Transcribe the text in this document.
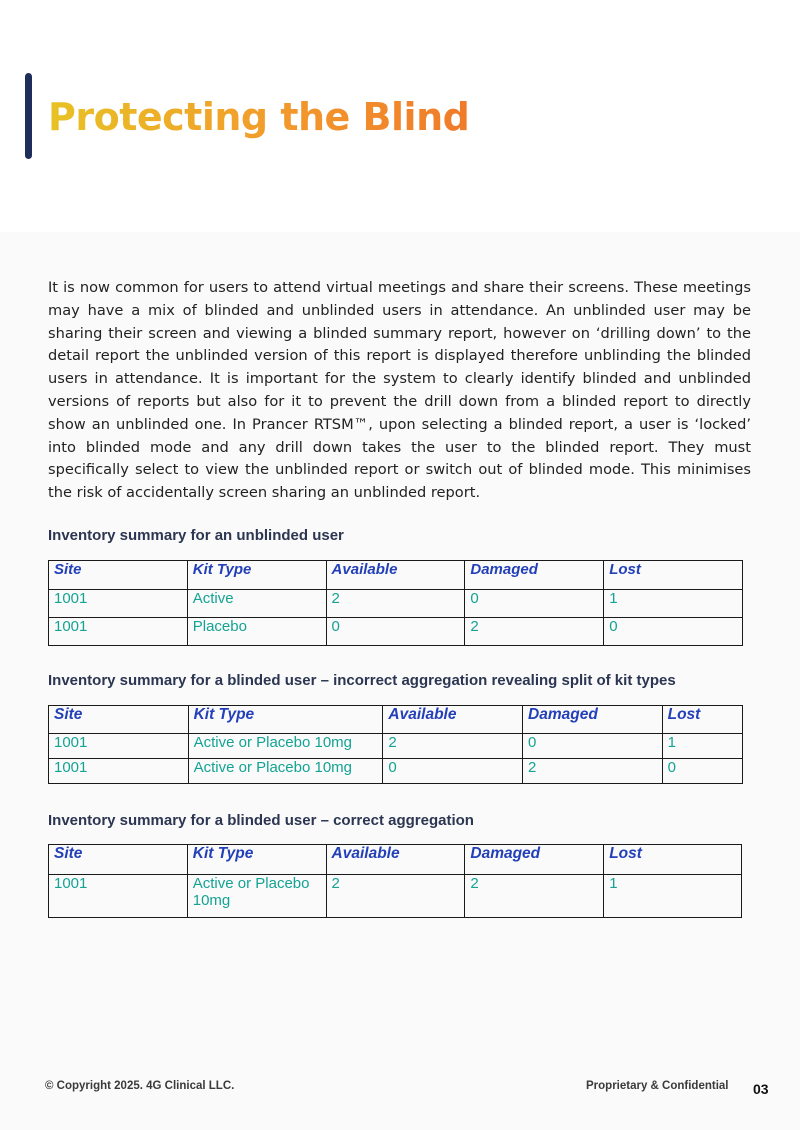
Protecting the Blind

It is now common for users to attend virtual meetings and share their screens. These meetings may have a mix of blinded and unblinded users in attendance. An unblinded user may be sharing their screen and viewing a blinded summary report, however on ‘drilling down’ to the detail report the unblinded version of this report is displayed therefore unblinding the blinded users in attendance. It is important for the system to clearly identify blinded and unblinded versions of reports but also for it to prevent the drill down from a blinded report to directly show an unblinded one. In Prancer RTSM™, upon selecting a blinded report, a user is ‘locked’ into blinded mode and any drill down takes the user to the blinded report. They must specifically select to view the unblinded report or switch out of blinded mode. This minimises the risk of accidentally screen sharing an unblinded report.

Inventory summary for an unblinded user

Site	Kit Type	Available	Damaged	Lost
1001	Active	2	0	1
1001	Placebo	0	2	0

Inventory summary for a blinded user – incorrect aggregation revealing split of kit types

Site	Kit Type	Available	Damaged	Lost
1001	Active or Placebo 10mg	2	0	1
1001	Active or Placebo 10mg	0	2	0

Inventory summary for a blinded user – correct aggregation

Site	Kit Type	Available	Damaged	Lost
1001	Active or Placebo 10mg	2	2	1
© Copyright 2025. 4G Clinical LLC.	Proprietary & Confidential 03
